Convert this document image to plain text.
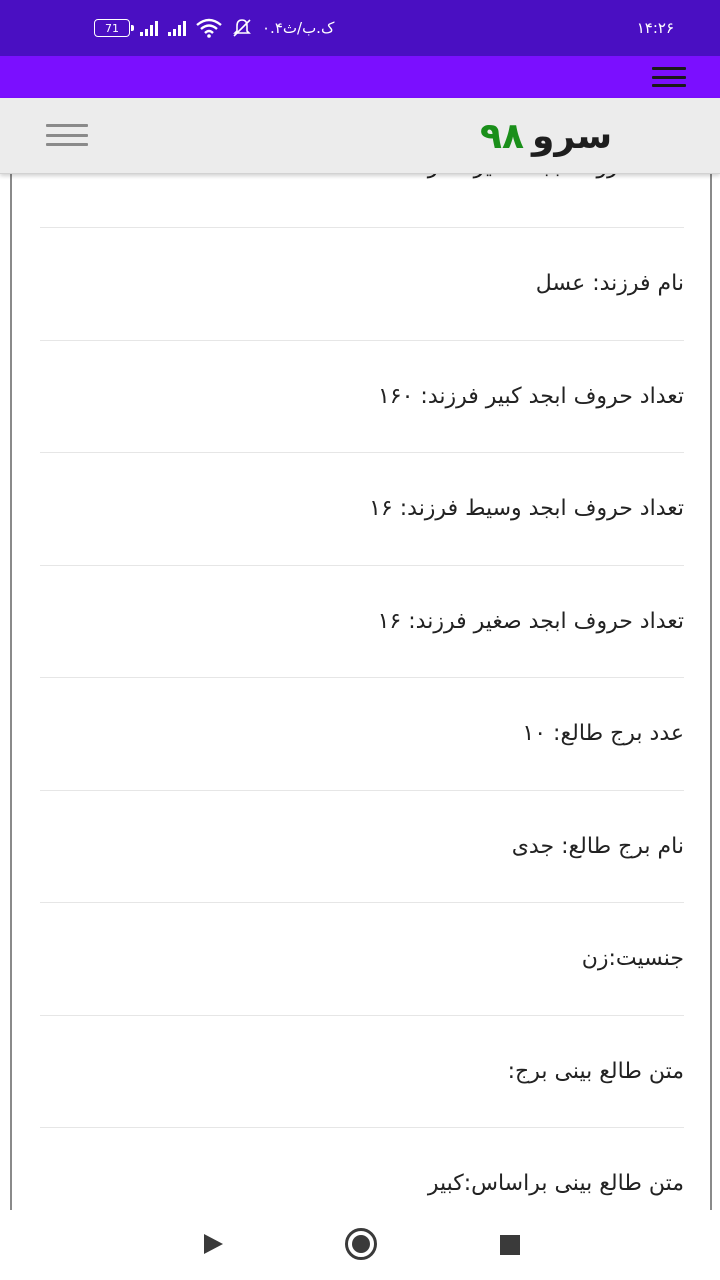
71	۰.۴ک.ب/ث	۱۴:۲۶
۹۸ سرو
نام فرزند: عسل
تعداد حروف ابجد کبیر فرزند: ۱۶۰
تعداد حروف ابجد وسیط فرزند: ۱۶
تعداد حروف ابجد صغیر فرزند: ۱۶
عدد برج طالع: ۱۰
نام برج طالع: جدی
جنسیت:زن
متن طالع بینی برج:
متن طالع بینی براساس:کبیر
